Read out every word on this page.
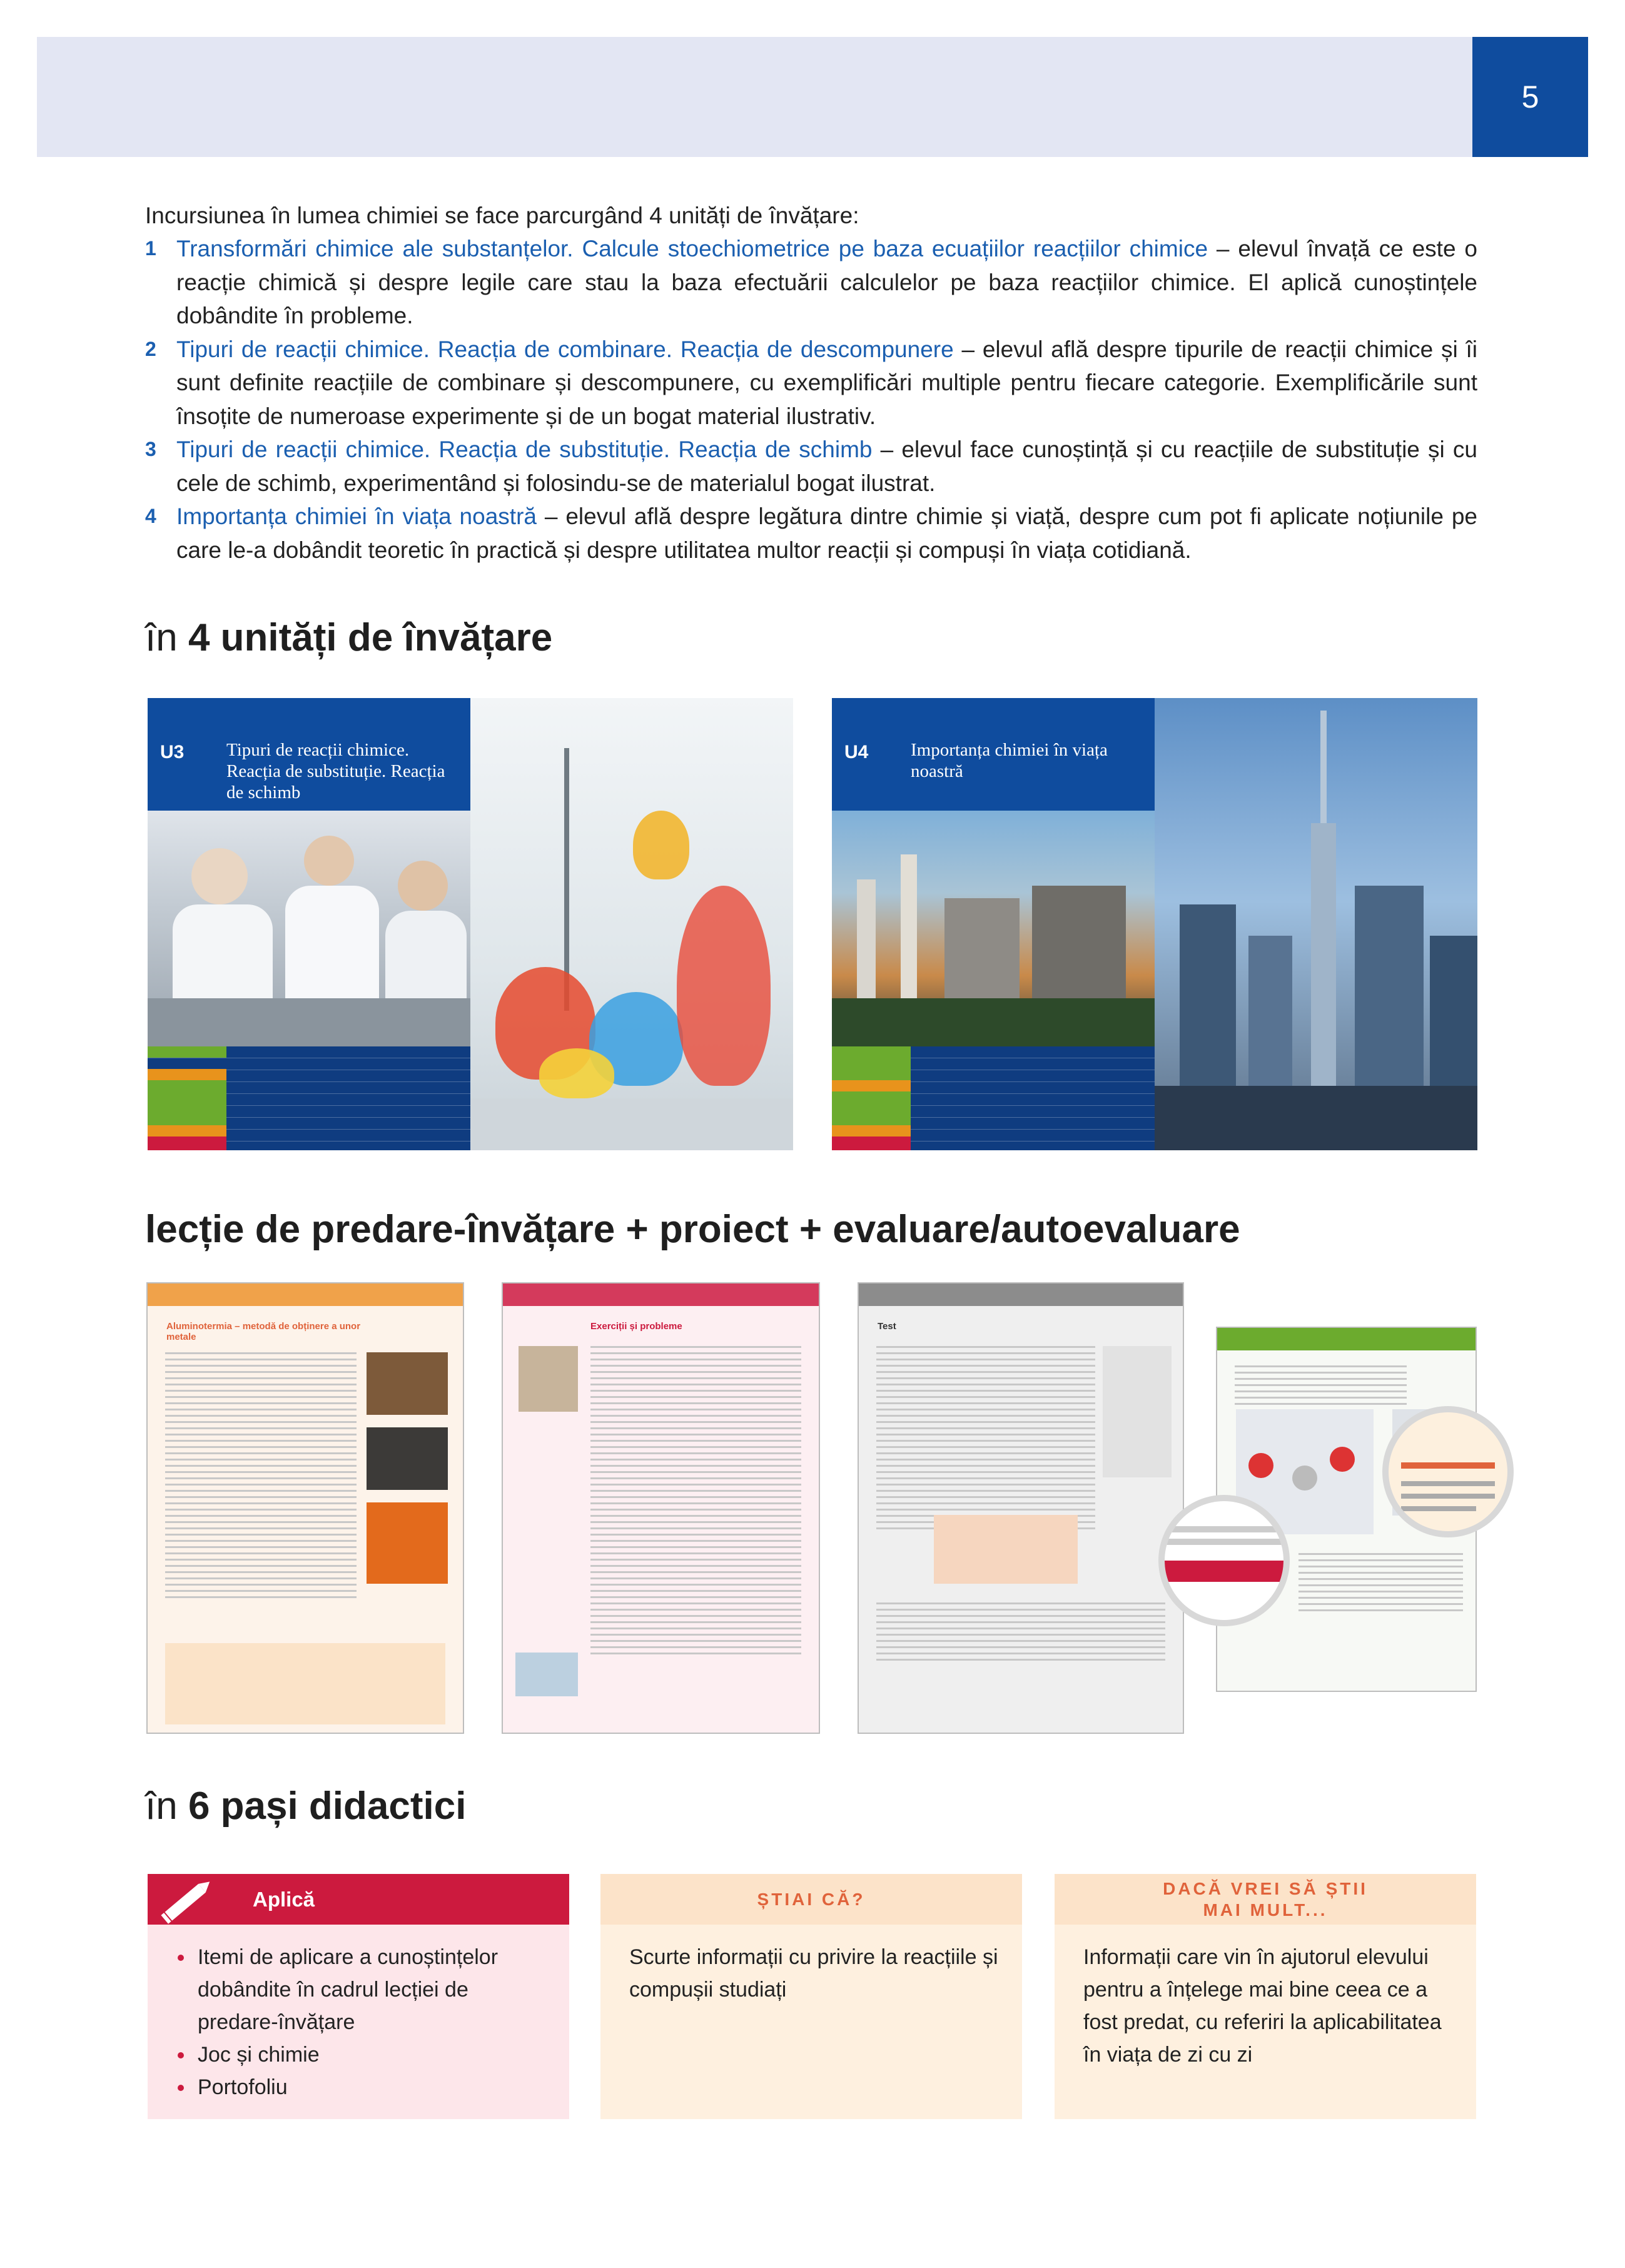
5
Incursiunea în lumea chimiei se face parcurgând 4 unități de învățare:
1 Transformări chimice ale substanțelor. Calcule stoechiometrice pe baza ecuațiilor reacțiilor chimice – elevul învață ce este o reacție chimică și despre legile care stau la baza efectuării calculelor pe baza reacțiilor chimice. El aplică cunoștințele dobândite în probleme.
2 Tipuri de reacții chimice. Reacția de combinare. Reacția de descompunere – elevul află despre tipurile de reacții chimice și îi sunt definite reacțiile de combinare și descompunere, cu exemplificări multiple pentru fiecare categorie. Exemplificările sunt însoțite de numeroase experimente și de un bogat material ilustrativ.
3 Tipuri de reacții chimice. Reacția de substituție. Reacția de schimb – elevul face cunoștință și cu reacțiile de substituție și cu cele de schimb, experimentând și folosindu-se de materialul bogat ilustrat.
4 Importanța chimiei în viața noastră – elevul află despre legătura dintre chimie și viață, despre cum pot fi aplicate noțiunile pe care le-a dobândit teoretic în practică și despre utilitatea multor reacții și compuși în viața cotidiană.
în 4 unități de învățare
U3 Tipuri de reacții chimice. Reacția de substituție. Reacția de schimb
U4 Importanța chimiei în viața noastră
lecție de predare-învățare + proiect + evaluare/autoevaluare
Aluminotermia – metodă de obținere a unor metale
Exerciții și probleme	Test
în 6 pași didactici
Aplică
Itemi de aplicare a cunoștințelor dobândite în cadrul lecției de predare-învățare
Joc și chimie
Portofoliu
ȘTIAI CĂ?
Scurte informații cu privire la reacțiile și compușii studiați
DACĂ VREI SĂ ȘTII
MAI MULT...
Informații care vin în ajutorul elevului pentru a înțelege mai bine ceea ce a fost predat, cu referiri la aplicabilitatea în viața de zi cu zi
